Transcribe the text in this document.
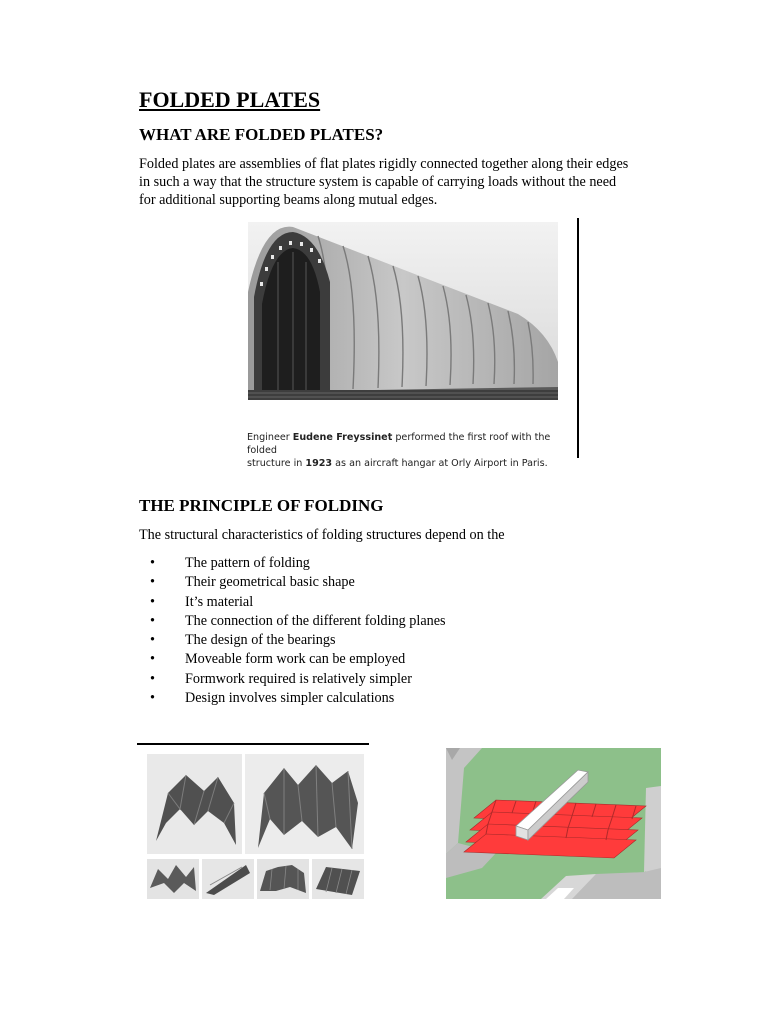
FOLDED PLATES
WHAT ARE FOLDED PLATES?

Folded plates are assemblies of flat plates rigidly connected together along their edges
in such a way that the structure system is capable of carrying loads without the need
for additional supporting beams along mutual edges.

Engineer Eudene Freyssinet performed the first roof with the folded
structure in 1923 as an aircraft hangar at Orly Airport in Paris.

THE PRINCIPLE OF FOLDING

The structural characteristics of folding structures depend on the

• The pattern of folding
• Their geometrical basic shape
• It’s material
• The connection of the different folding planes
• The design of the bearings
• Moveable form work can be employed
• Formwork required is relatively simpler
• Design involves simpler calculations
